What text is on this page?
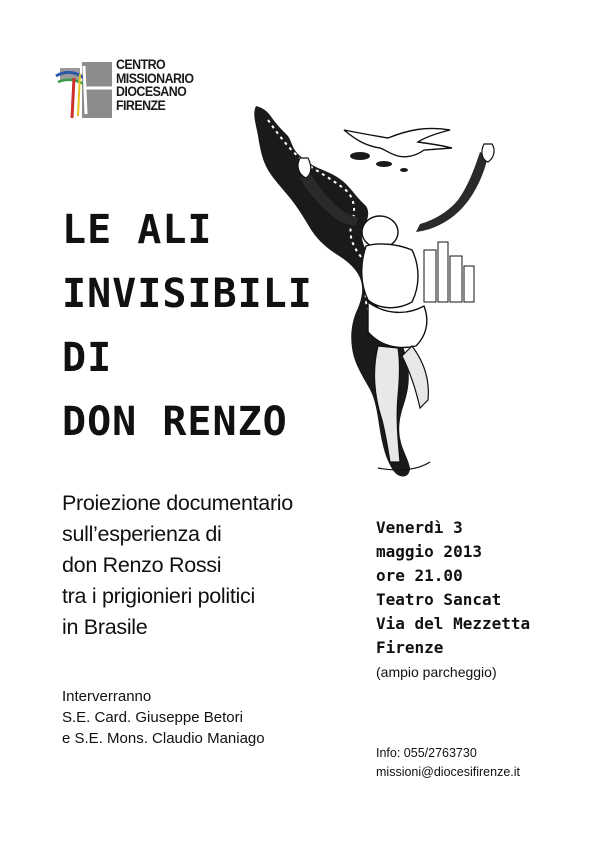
CENTRO
MISSIONARIO
DIOCESANO
FIRENZE
LE ALI
INVISIBILI
DI
DON RENZO
Proiezione documentario
sull’esperienza di
don Renzo Rossi
tra i prigionieri politici
in Brasile
Interverranno
S.E. Card. Giuseppe Betori
e S.E. Mons. Claudio Maniago
Venerdì 3
maggio 2013
ore 21.00
Teatro Sancat
Via del Mezzetta
Firenze
(ampio parcheggio)
Info: 055/2763730
missioni@diocesifirenze.it
